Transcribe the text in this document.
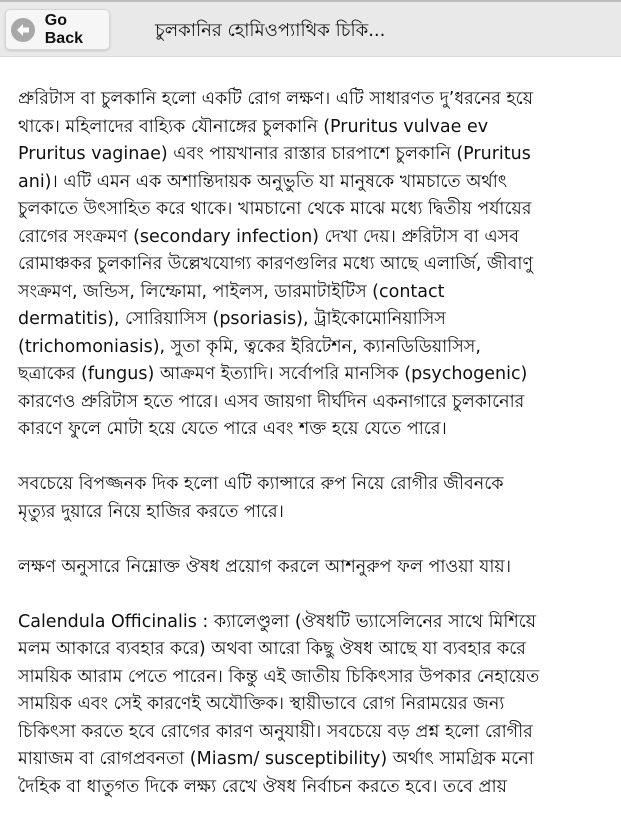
Go Back	চুলকানির হোমিওপ্যাথিক চিকি...
প্রুরিটাস বা চুলকানি হলো একটি রোগ লক্ষণ। এটি সাধারণত দু’ধরনের হয়ে
থাকে। মহিলাদের বাহ্যিক যৌনাঙ্গের চুলকানি (Pruritus vulvae ev
Pruritus vaginae) এবং পায়খানার রাস্তার চারপাশে চুলকানি (Pruritus
ani)। এটি এমন এক অশান্তিদায়ক অনুভুতি যা মানুষকে খামচাতে অর্থাৎ
চুলকাতে উৎসাহিত করে থাকে। খামচানো থেকে মাঝে মধ্যে দ্বিতীয় পর্যায়ের
রোগের সংক্রমণ (secondary infection) দেখা দেয়। প্রুরিটাস বা এসব
রোমাঞ্চকর চুলকানির উল্লেখযোগ্য কারণগুলির মধ্যে আছে এলার্জি, জীবাণু
সংক্রমণ, জন্ডিস, লিম্ফোমা, পাইলস, ডারমাটাইটিস (contact
dermatitis), সোরিয়াসিস (psoriasis), ট্রাইকোমোনিয়াসিস
(trichomoniasis), সুতা কৃমি, ত্বকের ইরিটেশন, ক্যানডিডিয়াসিস,
ছত্রাকের (fungus) আক্রমণ ইত্যাদি। সর্বোপরি মানসিক (psychogenic)
কারণেও প্রুরিটাস হতে পারে। এসব জায়গা দীর্ঘদিন একনাগারে চুলকানোর
কারণে ফুলে মোটা হয়ে যেতে পারে এবং শক্ত হয়ে যেতে পারে।
সবচেয়ে বিপজ্জনক দিক হলো এটি ক্যান্সারে রুপ নিয়ে রোগীর জীবনকে
মৃত্যুর দুয়ারে নিয়ে হাজির করতে পারে।
লক্ষণ অনুসারে নিম্নোক্ত ঔষধ প্রয়োগ করলে আশনুরুপ ফল পাওয়া যায়।
Calendula Officinalis : ক্যালেণ্ডুলা (ঔষধটি ভ্যাসেলিনের সাথে মিশিয়ে
মলম আকারে ব্যবহার করে) অথবা আরো কিছু ঔষধ আছে যা ব্যবহার করে
সাময়িক আরাম পেতে পারেন। কিন্তু এই জাতীয় চিকিৎসার উপকার নেহায়েত
সাময়িক এবং সেই কারণেই অযৌক্তিক। স্থায়ীভাবে রোগ নিরাময়ের জন্য
চিকিৎসা করতে হবে রোগের কারণ অনুযায়ী। সবচেয়ে বড় প্রশ্ন হলো রোগীর
মায়াজম বা রোগপ্রবনতা (Miasm/ susceptibility) অর্থাৎ সামগ্রিক মনো
দৈহিক বা ধাতুগত দিকে লক্ষ্য রেখে ঔষধ নির্বাচন করতে হবে। তবে প্রায়
